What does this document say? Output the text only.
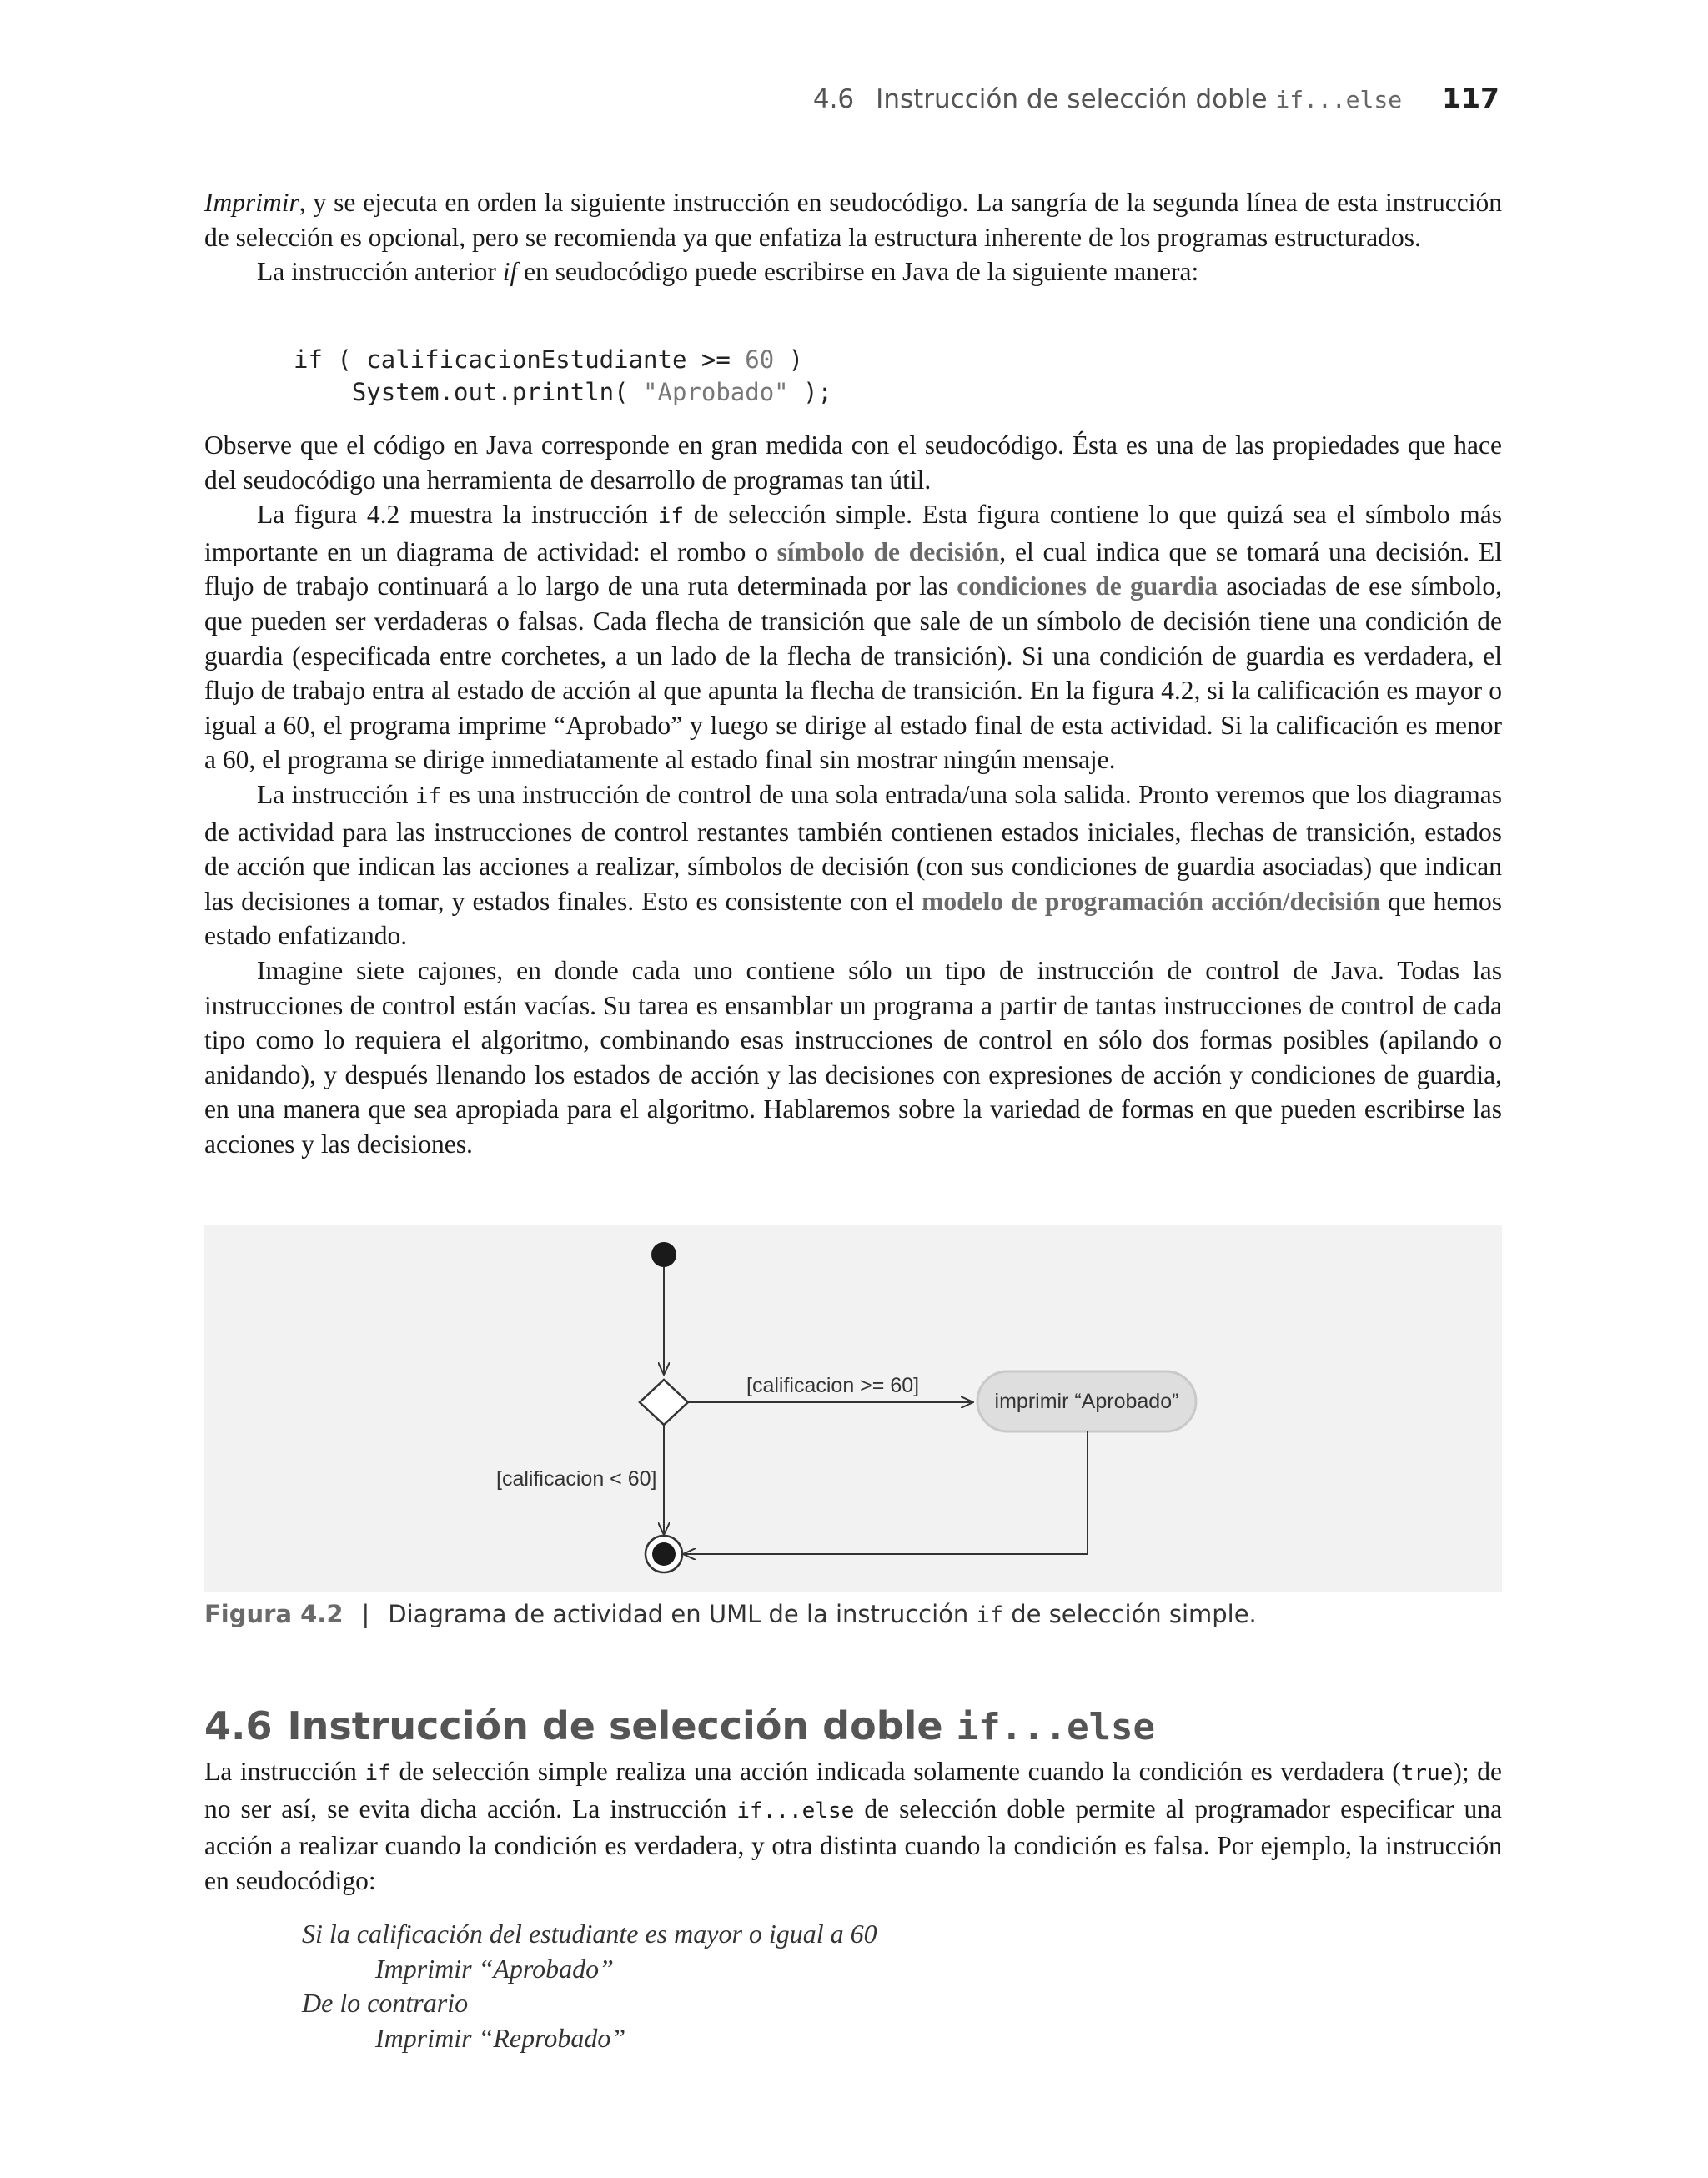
4.6 Instrucción de selección doble
if...else 117

Imprimir, y se ejecuta en orden la siguiente instrucción en seudocódigo. La sangría de la segunda línea de esta instrucción de selección es opcional, pero se recomienda ya que enfatiza la estructura inherente de los programas estructurados.

La instrucción anterior if en seudocódigo puede escribirse en Java de la siguiente manera:

if ( calificacionEstudiante >= 60 )
System.out.println( "Aprobado" );

Observe que el código en Java corresponde en gran medida con el seudocódigo. Ésta es una de las propiedades que hace del seudocódigo una herramienta de desarrollo de programas tan útil.

La figura 4.2 muestra la instrucción if de selección simple. Esta figura contiene lo que quizá sea el símbolo más importante en un diagrama de actividad: el rombo o símbolo de decisión, el cual indica que se tomará una decisión. El flujo de trabajo continuará a lo largo de una ruta determinada por las condiciones de guardia asociadas de ese símbolo, que pueden ser verdaderas o falsas. Cada flecha de transición que sale de un símbolo de decisión tiene una condición de guardia (especificada entre corchetes, a un lado de la flecha de transición). Si una condición de guardia es verdadera, el flujo de trabajo entra al estado de acción al que apunta la flecha de transición. En la figura 4.2, si la calificación es mayor o igual a 60, el programa imprime “Aprobado” y luego se dirige al estado final de esta actividad. Si la calificación es menor a 60, el programa se dirige inmediatamente al estado final sin mostrar ningún mensaje.

La instrucción if es una instrucción de control de una sola entrada/una sola salida. Pronto veremos que los diagramas de actividad para las instrucciones de control restantes también contienen estados iniciales, flechas de transición, estados de acción que indican las acciones a realizar, símbolos de decisión (con sus condiciones de guardia asociadas) que indican las decisiones a tomar, y estados finales. Esto es consistente con el modelo de programación acción/decisión que hemos estado enfatizando.

Imagine siete cajones, en donde cada uno contiene sólo un tipo de instrucción de control de Java. Todas las instrucciones de control están vacías. Su tarea es ensamblar un programa a partir de tantas instrucciones de control de cada tipo como lo requiera el algoritmo, combinando esas instrucciones de control en sólo dos formas posibles (apilando o anidando), y después llenando los estados de acción y las decisiones con expresiones de acción y condiciones de guardia, en una manera que sea apropiada para el algoritmo. Hablaremos sobre la variedad de formas en que pueden escribirse las acciones y las decisiones.

[calificacion >= 60]
imprimir “Aprobado”
[calificacion < 60]
Figura 4.2 | Diagrama de actividad en UML de la instrucción
if
de selección simple.
4.6 Instrucción de selección doble if...else

La instrucción if de selección simple realiza una acción indicada solamente cuando la condición es verdadera (true); de no ser así, se evita dicha acción. La instrucción if...else de selección doble permite al programador especificar una acción a realizar cuando la condición es verdadera, y otra distinta cuando la condición es falsa. Por ejemplo, la instrucción en seudocódigo:

Si la calificación del estudiante es mayor o igual a 60
Imprimir “Aprobado”
De lo contrario
Imprimir “Reprobado”
